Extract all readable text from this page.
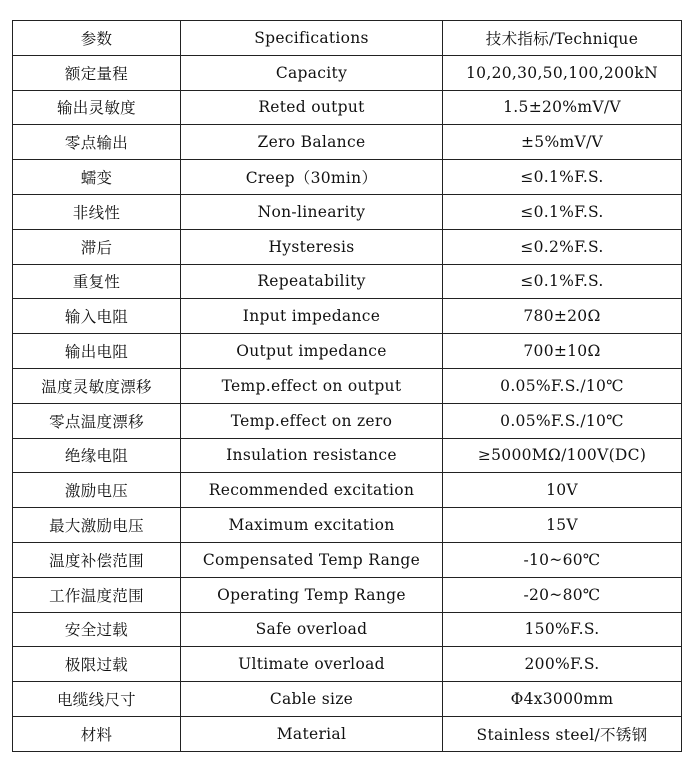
参数	Specifications	技术指标/Technique
额定量程	Capacity	10,20,30,50,100,200kN
输出灵敏度	Reted output	1.5±20%mV/V
零点输出	Zero Balance	±5%mV/V
蠕变	Creep（30min）	≤0.1%F.S.
非线性	Non-linearity	≤0.1%F.S.
滞后	Hysteresis	≤0.2%F.S.
重复性	Repeatability	≤0.1%F.S.
输入电阻	Input impedance	780±20Ω
输出电阻	Output impedance	700±10Ω
温度灵敏度漂移	Temp.effect on output	0.05%F.S./10℃
零点温度漂移	Temp.effect on zero	0.05%F.S./10℃
绝缘电阻	Insulation resistance	≥5000MΩ/100V(DC)
激励电压	Recommended excitation	10V
最大激励电压	Maximum excitation	15V
温度补偿范围	Compensated Temp Range	-10~60℃
工作温度范围	Operating Temp Range	-20~80℃
安全过载	Safe overload	150%F.S.
极限过载	Ultimate overload	200%F.S.
电缆线尺寸	Cable size	Φ4x3000mm
材料	Material	Stainless steel/不锈钢
